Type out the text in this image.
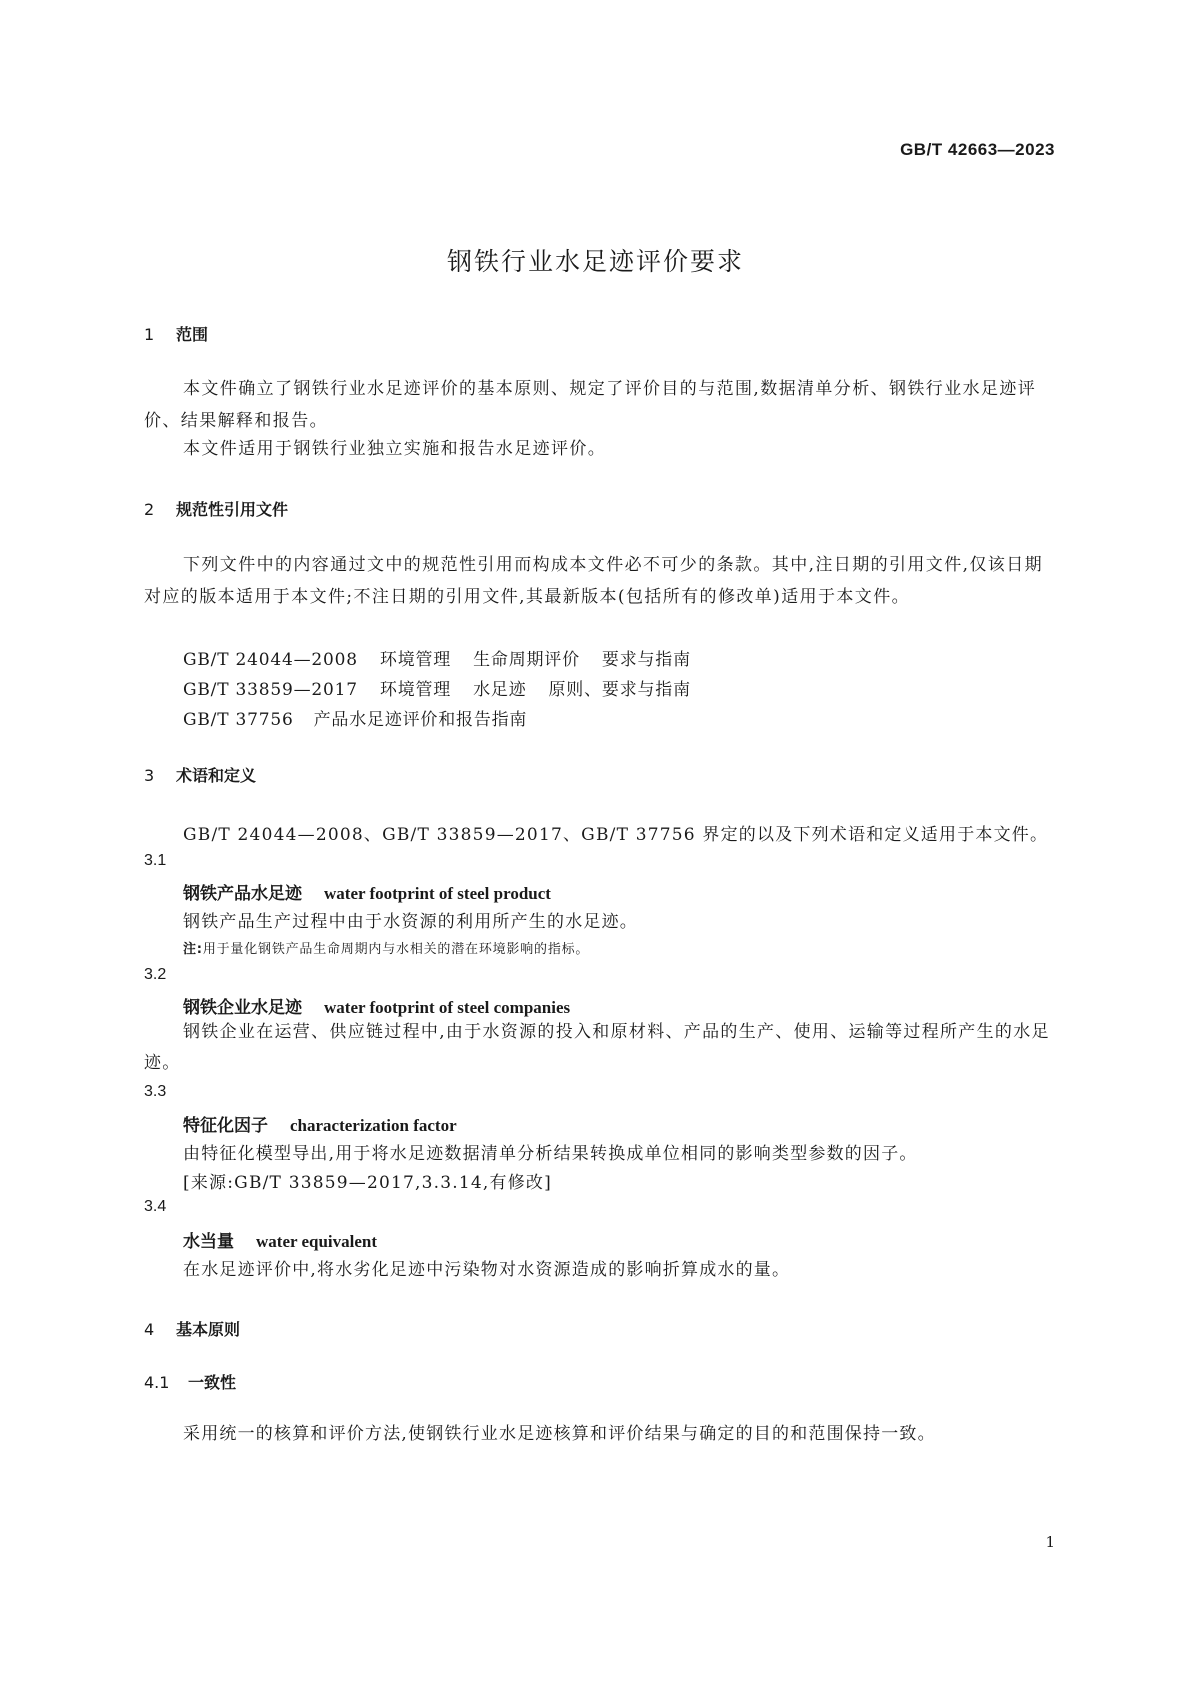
GB/T 42663—2023
钢铁行业水足迹评价要求
1 范围
本文件确立了钢铁行业水足迹评价的基本原则、规定了评价目的与范围,数据清单分析、钢铁行业水足迹评价、结果解释和报告。
本文件适用于钢铁行业独立实施和报告水足迹评价。
2 规范性引用文件
下列文件中的内容通过文中的规范性引用而构成本文件必不可少的条款。其中,注日期的引用文件,仅该日期对应的版本适用于本文件;不注日期的引用文件,其最新版本(包括所有的修改单)适用于本文件。
GB/T 24044—2008 环境管理 生命周期评价 要求与指南
GB/T 33859—2017 环境管理 水足迹 原则、要求与指南
GB/T 37756 产品水足迹评价和报告指南
3 术语和定义
GB/T 24044—2008、GB/T 33859—2017、GB/T 37756 界定的以及下列术语和定义适用于本文件。
3.1
钢铁产品水足迹 water footprint of steel product
钢铁产品生产过程中由于水资源的利用所产生的水足迹。
注:用于量化钢铁产品生命周期内与水相关的潜在环境影响的指标。
3.2
钢铁企业水足迹 water footprint of steel companies
钢铁企业在运营、供应链过程中,由于水资源的投入和原材料、产品的生产、使用、运输等过程所产生的水足迹。
3.3
特征化因子 characterization factor
由特征化模型导出,用于将水足迹数据清单分析结果转换成单位相同的影响类型参数的因子。
[来源:GB/T 33859—2017,3.3.14,有修改]
3.4
水当量 water equivalent
在水足迹评价中,将水劣化足迹中污染物对水资源造成的影响折算成水的量。
4 基本原则
4.1 一致性
采用统一的核算和评价方法,使钢铁行业水足迹核算和评价结果与确定的目的和范围保持一致。
1
